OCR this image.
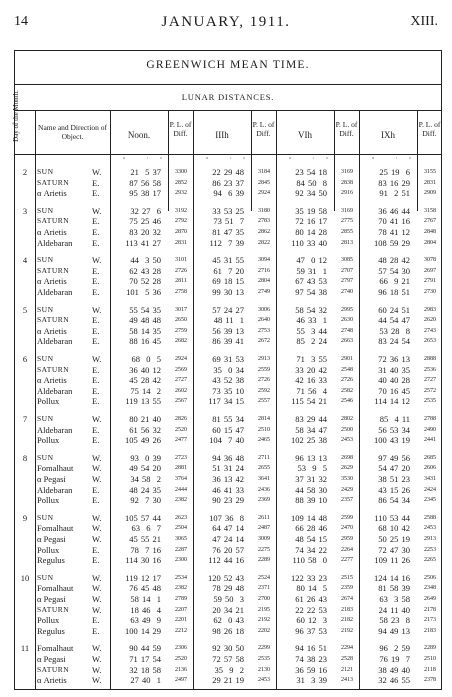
14	JANUARY, 1911.	XIII.
GREENWICH MEAN TIME.
LUNAR DISTANCES.
Day of the Month. Name and Direction of Object.	Noon.
P. L. of Diff.	IIIh
P. L. of Diff.	VIh
P. L. of Diff.	IXh
P. L. of Diff.
°	′ ″	°	′ ″	°	′ ″	°	′ ″
2	SUN	W.	21  5 37	3300	22 29 48	3184	23 54 18	3169	25 19  6	3155
SATURN	E.	87 56 58	2852	86 23 37	2845	84 50  8	2838	83 16 29	2831
α Arietis	E.	95 38 17	2932	94  6 39	2924	92 34 50	2916	91  2 51	2909
3	SUN	W.	32 27  6	3192	33 53 25	3180	35 19 58	3169	36 46 44	3158
SATURN	E.	75 25 46	2792	73 51  7	2783	72 16 17	2775	70 41 16	2767
α Arietis	E.	83 20 32	2870	81 47 35	2862	80 14 28	2855	78 41 12	2848
Aldebaran E.	113 41 27	2831	112  7 39	2822	110 33 40	2813	108 59 29	2804
4	SUN	W.	44  3 50	3101	45 31 55	3094	47  0 12	3085	48 28 42	3078
SATURN	E.	62 43 28	2726	61  7 20	2716	59 31  1	2707	57 54 30	2697
α Arietis	E.	70 52 28	2811	69 18 15	2804	67 43 53	2797	66  9 21	2791
Aldebaran E.	101  5 36	2758	99 30 13	2749	97 54 38	2740	96 18 51	2730
5	SUN	W.	55 54 35	3017	57 24 27	3006	58 54 32	2995	60 24 51	2983
SATURN	E.	49 48 48	2650	48 11  1	2640	46 33  1	2630	44 54 47	2620
α Arietis	E.	58 14 35	2759	56 39 13	2753	55  3 44	2748	53 28  8	2743
Aldebaran E.	88 16 45	2682	86 39 41	2672	85  2 24	2663	83 24 54	2653
6	SUN	W.	68  0  5	2924	69 31 53	2913	71  3 55	2901	72 36 13	2888
SATURN	E.	36 40 12	2569	35  0 34	2559	33 20 42	2548	31 40 35	2536
α Arietis	E.	45 28 42	2727	43 52 38	2726	42 16 33	2726	40 40 28	2727
Aldebaran E.	75 14  2	2602	73 35 10	2592	71 56  4	2582	70 16 45	2572
Pollux	E.	119 13 55	2567	117 34 15	2557	115 54 21	2546	114 14 12	2535
7	SUN	W.	80 21 40	2826	81 55 34	2814	83 29 44	2802	85  4 11	2788
Aldebaran E.	61 56 32	2520	60 15 47	2510	58 34 47	2500	56 53 34	2490
Pollux	E.	105 49 26	2477	104  7 40	2465	102 25 38	2453	100 43 19	2441
8	SUN	W.	93  0 39	2723	94 36 48	2711	96 13 13	2698	97 49 56	2685
Fomalhaut W.	49 54 20	2881	51 31 24	2655	53  9  5	2629	54 47 20	2606
α Pegasi	W.	34 58  2	3764	36 13 42	3641	37 31 32	3530	38 51 23	3431
Aldebaran E.	48 24 35	2444	46 41 33	2436	44 58 30	2429	43 15 26	2424
Pollux	E.	92  7 30	2382	90 23 29	2369	88 39 10	2357	86 54 34	2345
9	SUN	W.	105 57 44	2623	107 36  8	2611	109 14 48	2599	110 53 44	2588
Fomalhaut W.	63  6  7	2504	64 47 14	2487	66 28 46	2470	68 10 42	2453
α Pegasi	W.	45 55 21	3065	47 24 14	3009	48 54 15	2959	50 25 19	2913
Pollux	E.	78  7 16	2287	76 20 57	2275	74 34 22	2264	72 47 30	2253
Regulus	E.	114 30 16	2300	112 44 16	2289	110 58  0	2277	109 11 26	2265
10	SUN	W.	119 12 17	2534	120 52 43	2524	122 33 23	2515	124 14 16	2506
Fomalhaut W.	76 45 48	2382	78 29 48	2371	80 14  5	2359	81 58 39	2348
α Pegasi	W.	58 14  1	2789	59 50  3	2700	61 26 43	2674	63  3 58	2649
SATURN	W.	18 46  4	2207	20 34 21	2195	22 22 53	2183	24 11 40	2178
Pollux	E.	63 49  9	2201	62  0 43	2192	60 12  3	2182	58 23  8	2173
Regulus	E.	100 14 29	2212	98 26 18	2202	96 37 53	2192	94 49 13	2183
11 Fomalhaut W.	90 44 59	2306	92 30 50	2299	94 16 51	2294	96  2 59	2289
α Pegasi	W.	71 17 54	2520	72 57 58	2535	74 38 23	2528	76 19  7	2510
SATURN	W.	32 18 58	2136	35  9  2	2130	36 59 16	2121	38 49 40	2118
α Arietis	W.	27 40  1	2497	29 21 19	2453	31  3 39	2413	32 46 55	2378
